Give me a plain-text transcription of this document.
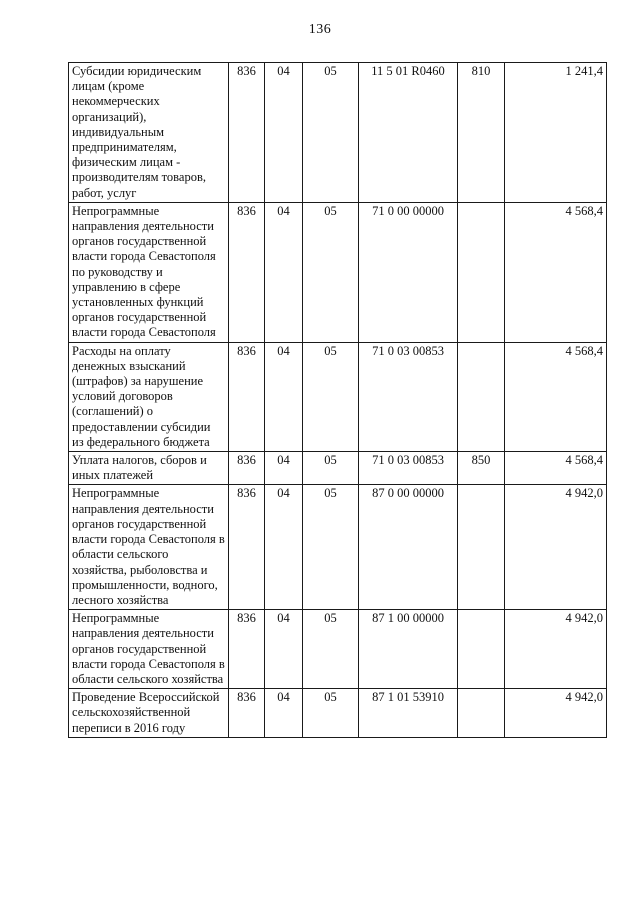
136
Субсидии юридическим лицам (кроме некоммерческих организаций), индивидуальным предпринимателям, физическим лицам - производителям товаров, работ, услуг	836	04	05	11 5 01 R0460	810	1 241,4
Непрограммные направления деятельности органов государственной власти города Севастополя по руководству и управлению в сфере установленных функций органов государственной власти города Севастополя	836	04	05	71 0 00 00000		4 568,4
Расходы на оплату денежных взысканий (штрафов) за нарушение условий договоров (соглашений) о предоставлении субсидии из федерального бюджета	836	04	05	71 0 03 00853		4 568,4
Уплата налогов, сборов и иных платежей	836	04	05	71 0 03 00853	850	4 568,4
Непрограммные направления деятельности органов государственной власти города Севастополя в области сельского хозяйства, рыболовства и промышленности, водного, лесного хозяйства	836	04	05	87 0 00 00000		4 942,0
Непрограммные направления деятельности органов государственной власти города Севастополя в области сельского хозяйства	836	04	05	87 1 00 00000		4 942,0
Проведение Всероссийской сельскохозяйственной переписи в 2016 году	836	04	05	87 1 01 53910		4 942,0
